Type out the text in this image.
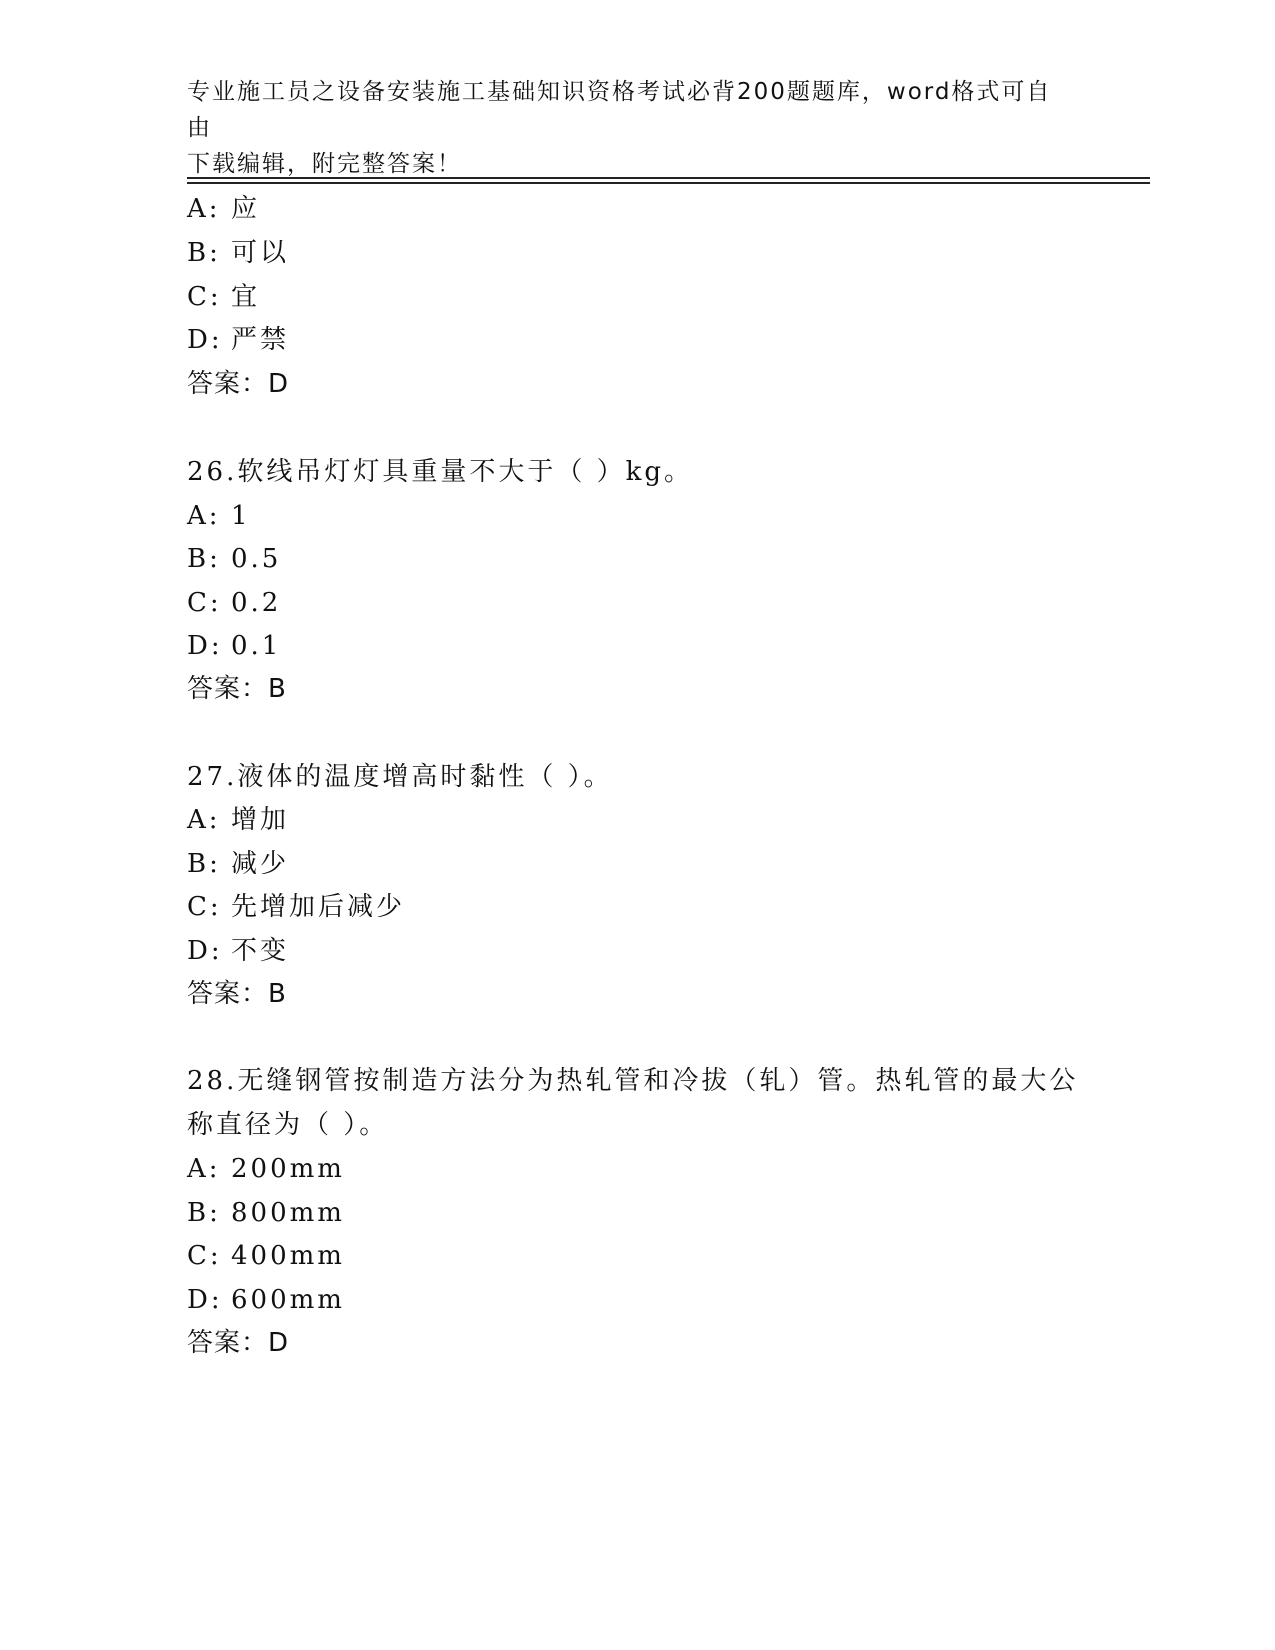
专业施工员之设备安装施工基础知识资格考试必背200题题库，word格式可自由
下载编辑，附完整答案！
A: 应
B: 可以
C: 宜
D: 严禁
答案：D
26.软线吊灯灯具重量不大于（ ）kg。
A: 1
B: 0.5
C: 0.2
D: 0.1
答案：B
27.液体的温度增高时黏性（ ）。
A: 增加
B: 减少
C: 先增加后减少
D: 不变
答案：B
28.无缝钢管按制造方法分为热轧管和冷拔（轧）管。热轧管的最大公
称直径为（ ）。
A: 200mm
B: 800mm
C: 400mm
D: 600mm
答案：D
